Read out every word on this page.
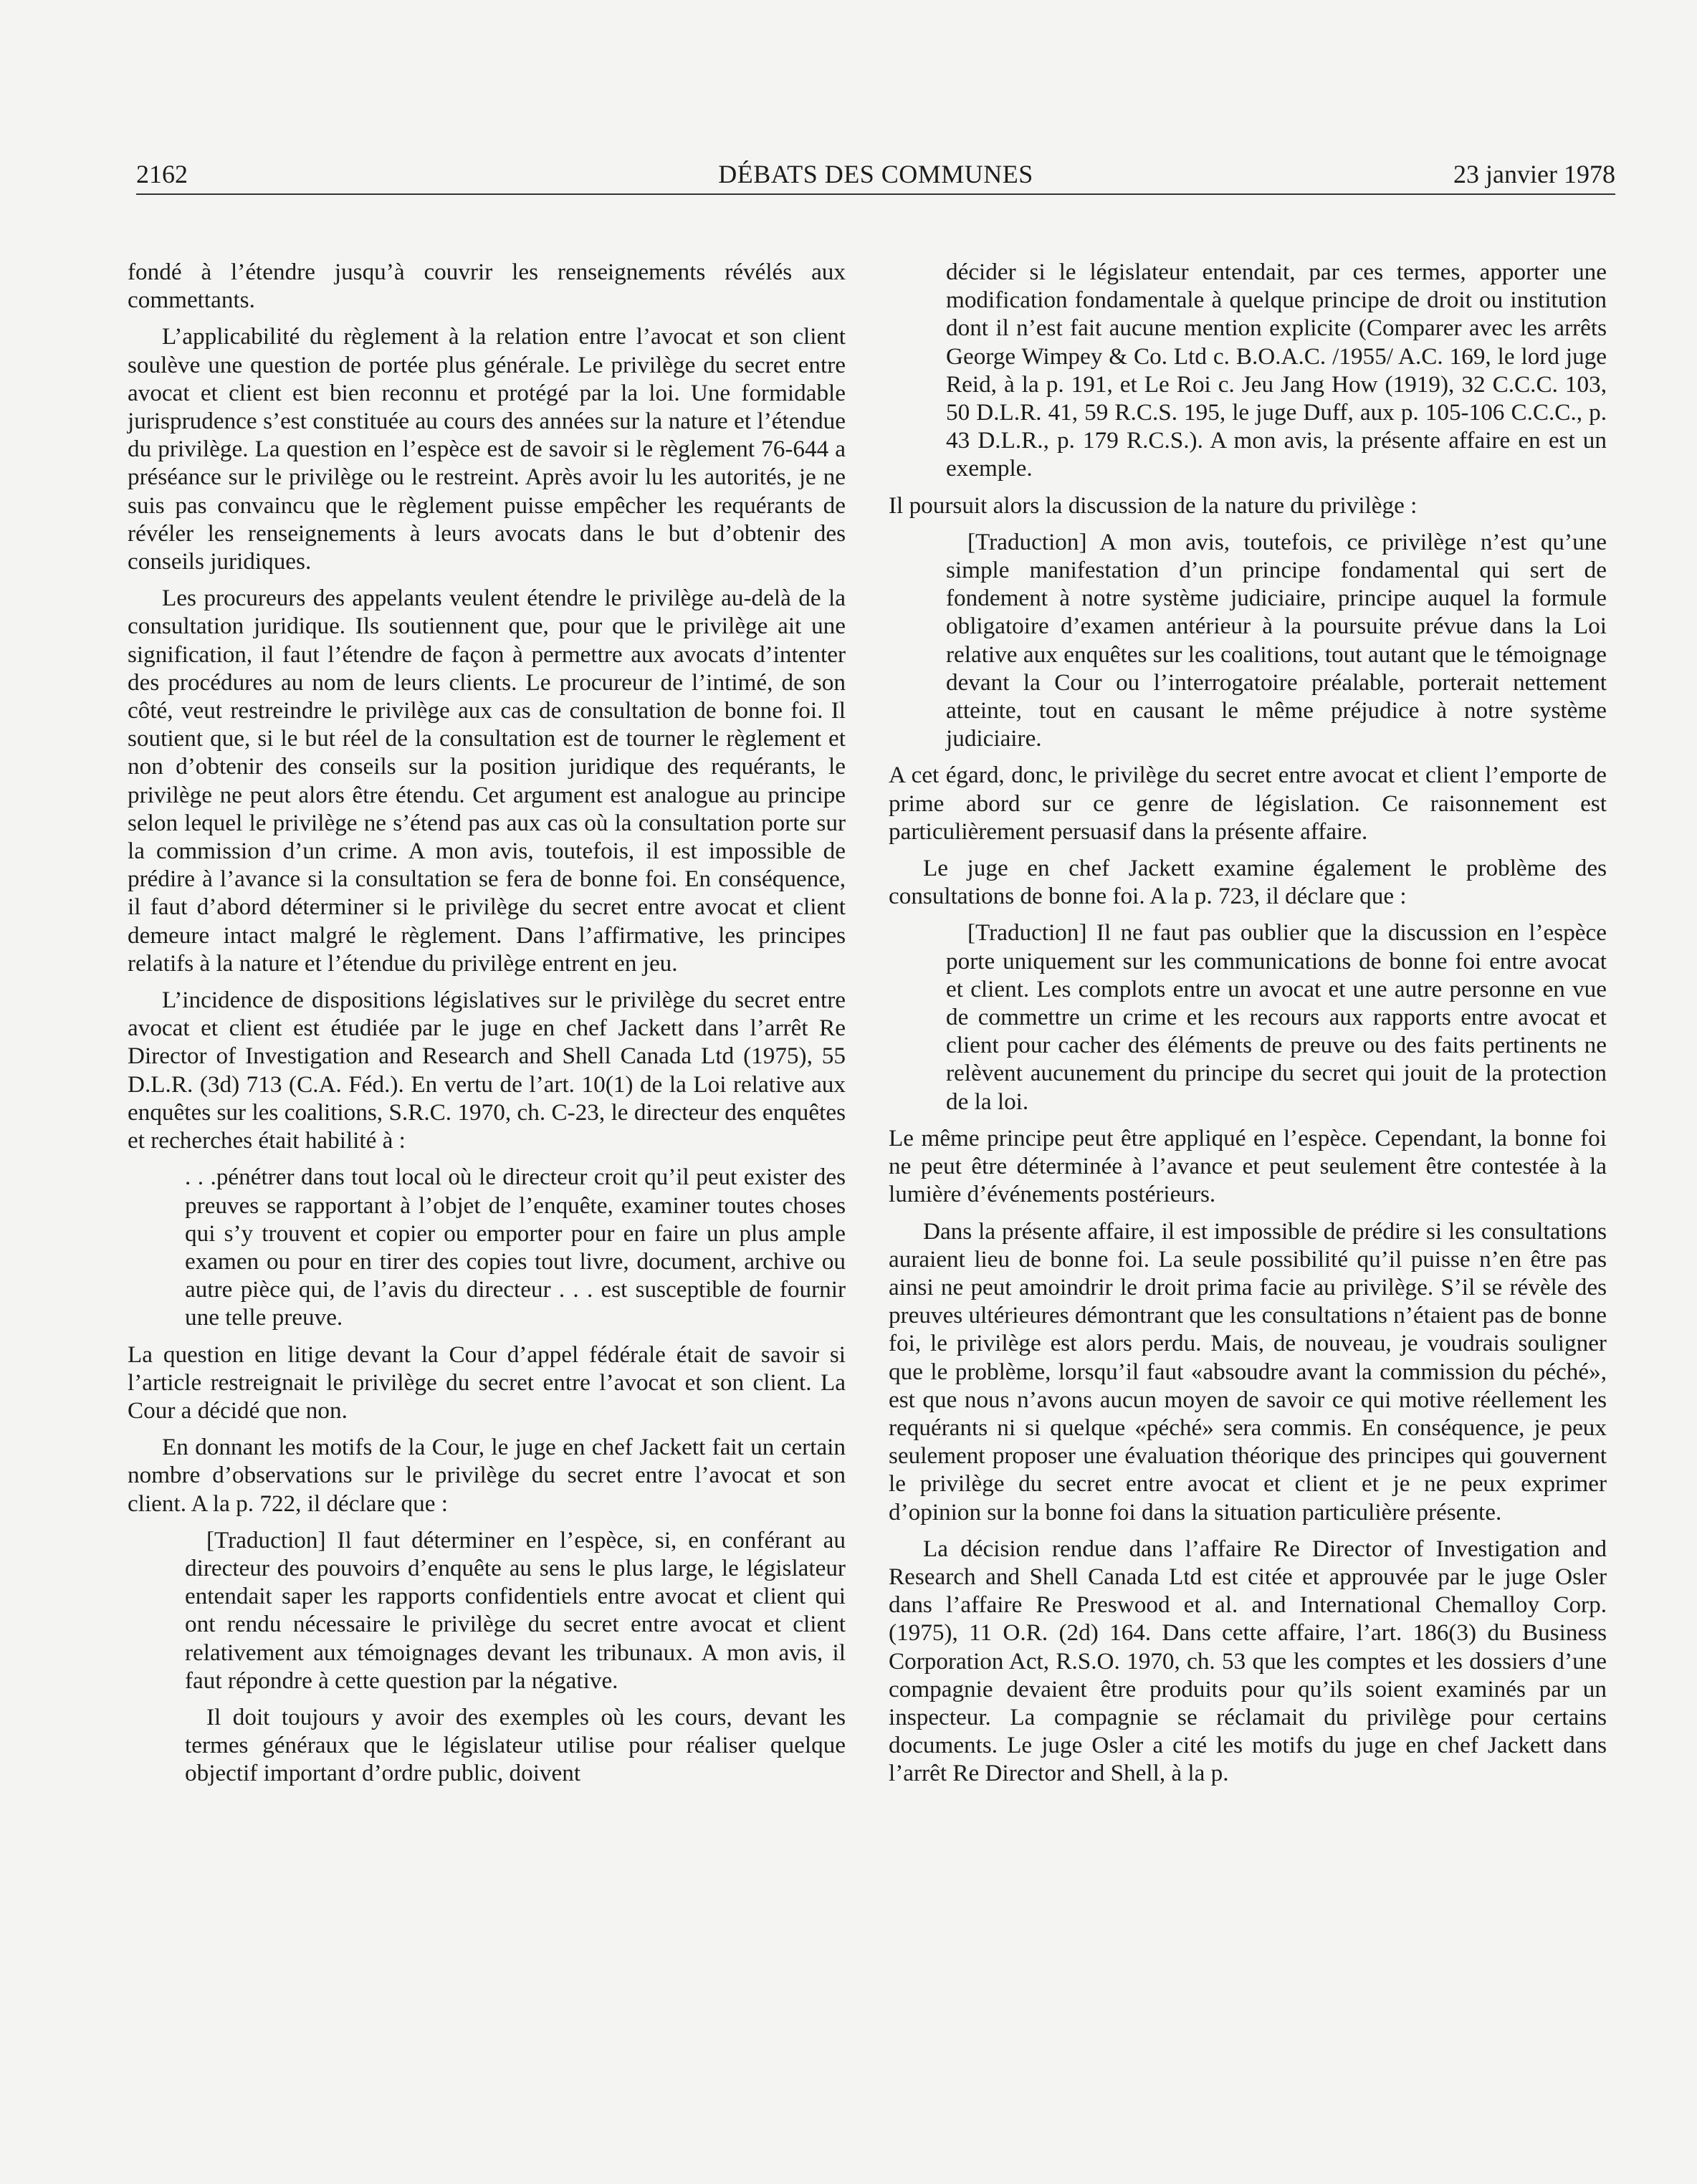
2162	DÉBATS DES COMMUNES	23 janvier 1978

fondé à l’étendre jusqu’à couvrir les renseignements révélés aux commettants.

L’applicabilité du règlement à la relation entre l’avocat et son client soulève une question de portée plus générale. Le privilège du secret entre avocat et client est bien reconnu et protégé par la loi. Une formidable jurisprudence s’est constituée au cours des années sur la nature et l’étendue du privilège. La question en l’espèce est de savoir si le règlement 76-644 a préséance sur le privilège ou le restreint. Après avoir lu les autorités, je ne suis pas convaincu que le règlement puisse empêcher les requérants de révéler les renseignements à leurs avocats dans le but d’obtenir des conseils juridiques.

Les procureurs des appelants veulent étendre le privilège au-delà de la consultation juridique. Ils soutiennent que, pour que le privilège ait une signification, il faut l’étendre de façon à permettre aux avocats d’intenter des procédures au nom de leurs clients. Le procureur de l’intimé, de son côté, veut restreindre le privilège aux cas de consultation de bonne foi. Il soutient que, si le but réel de la consultation est de tourner le règlement et non d’obtenir des conseils sur la position juridique des requérants, le privilège ne peut alors être étendu. Cet argument est analogue au principe selon lequel le privilège ne s’étend pas aux cas où la consultation porte sur la commission d’un crime. A mon avis, toutefois, il est impossible de prédire à l’avance si la consultation se fera de bonne foi. En conséquence, il faut d’abord déterminer si le privilège du secret entre avocat et client demeure intact malgré le règlement. Dans l’affirmative, les principes relatifs à la nature et l’étendue du privilège entrent en jeu.

L’incidence de dispositions législatives sur le privilège du secret entre avocat et client est étudiée par le juge en chef Jackett dans l’arrêt Re Director of Investigation and Research and Shell Canada Ltd (1975), 55 D.L.R. (3d) 713 (C.A. Féd.). En vertu de l’art. 10(1) de la Loi relative aux enquêtes sur les coalitions, S.R.C. 1970, ch. C-23, le directeur des enquêtes et recherches était habilité à :

. . .pénétrer dans tout local où le directeur croit qu’il peut exister des preuves se rapportant à l’objet de l’enquête, examiner toutes choses qui s’y trouvent et copier ou emporter pour en faire un plus ample examen ou pour en tirer des copies tout livre, document, archive ou autre pièce qui, de l’avis du directeur . . . est susceptible de fournir une telle preuve.

La question en litige devant la Cour d’appel fédérale était de savoir si l’article restreignait le privilège du secret entre l’avocat et son client. La Cour a décidé que non.

En donnant les motifs de la Cour, le juge en chef Jackett fait un certain nombre d’observations sur le privilège du secret entre l’avocat et son client. A la p. 722, il déclare que :

[Traduction] Il faut déterminer en l’espèce, si, en conférant au directeur des pouvoirs d’enquête au sens le plus large, le législateur entendait saper les rapports confidentiels entre avocat et client qui ont rendu nécessaire le privilège du secret entre avocat et client relativement aux témoignages devant les tribunaux. A mon avis, il faut répondre à cette question par la négative.

Il doit toujours y avoir des exemples où les cours, devant les termes généraux que le législateur utilise pour réaliser quelque objectif important d’ordre public, doivent

décider si le législateur entendait, par ces termes, apporter une modification fondamentale à quelque principe de droit ou institution dont il n’est fait aucune mention explicite (Comparer avec les arrêts George Wimpey & Co. Ltd c. B.O.A.C. /1955/ A.C. 169, le lord juge Reid, à la p. 191, et Le Roi c. Jeu Jang How (1919), 32 C.C.C. 103, 50 D.L.R. 41, 59 R.C.S. 195, le juge Duff, aux p. 105-106 C.C.C., p. 43 D.L.R., p. 179 R.C.S.). A mon avis, la présente affaire en est un exemple.

Il poursuit alors la discussion de la nature du privilège :

[Traduction] A mon avis, toutefois, ce privilège n’est qu’une simple manifestation d’un principe fondamental qui sert de fondement à notre système judiciaire, principe auquel la formule obligatoire d’examen antérieur à la poursuite prévue dans la Loi relative aux enquêtes sur les coalitions, tout autant que le témoignage devant la Cour ou l’interrogatoire préalable, porterait nettement atteinte, tout en causant le même préjudice à notre système judiciaire.

A cet égard, donc, le privilège du secret entre avocat et client l’emporte de prime abord sur ce genre de législation. Ce raisonnement est particulièrement persuasif dans la présente affaire.

Le juge en chef Jackett examine également le problème des consultations de bonne foi. A la p. 723, il déclare que :

[Traduction] Il ne faut pas oublier que la discussion en l’espèce porte uniquement sur les communications de bonne foi entre avocat et client. Les complots entre un avocat et une autre personne en vue de commettre un crime et les recours aux rapports entre avocat et client pour cacher des éléments de preuve ou des faits pertinents ne relèvent aucunement du principe du secret qui jouit de la protection de la loi.

Le même principe peut être appliqué en l’espèce. Cependant, la bonne foi ne peut être déterminée à l’avance et peut seulement être contestée à la lumière d’événements postérieurs.

Dans la présente affaire, il est impossible de prédire si les consultations auraient lieu de bonne foi. La seule possibilité qu’il puisse n’en être pas ainsi ne peut amoindrir le droit prima facie au privilège. S’il se révèle des preuves ultérieures démontrant que les consultations n’étaient pas de bonne foi, le privilège est alors perdu. Mais, de nouveau, je voudrais souligner que le problème, lorsqu’il faut «absoudre avant la commission du péché», est que nous n’avons aucun moyen de savoir ce qui motive réellement les requérants ni si quelque «péché» sera commis. En conséquence, je peux seulement proposer une évaluation théorique des principes qui gouvernent le privilège du secret entre avocat et client et je ne peux exprimer d’opinion sur la bonne foi dans la situation particulière présente.

La décision rendue dans l’affaire Re Director of Investigation and Research and Shell Canada Ltd est citée et approuvée par le juge Osler dans l’affaire Re Preswood et al. and International Chemalloy Corp. (1975), 11 O.R. (2d) 164. Dans cette affaire, l’art. 186(3) du Business Corporation Act, R.S.O. 1970, ch. 53 que les comptes et les dossiers d’une compagnie devaient être produits pour qu’ils soient examinés par un inspecteur. La compagnie se réclamait du privilège pour certains documents. Le juge Osler a cité les motifs du juge en chef Jackett dans l’arrêt Re Director and Shell, à la p.
